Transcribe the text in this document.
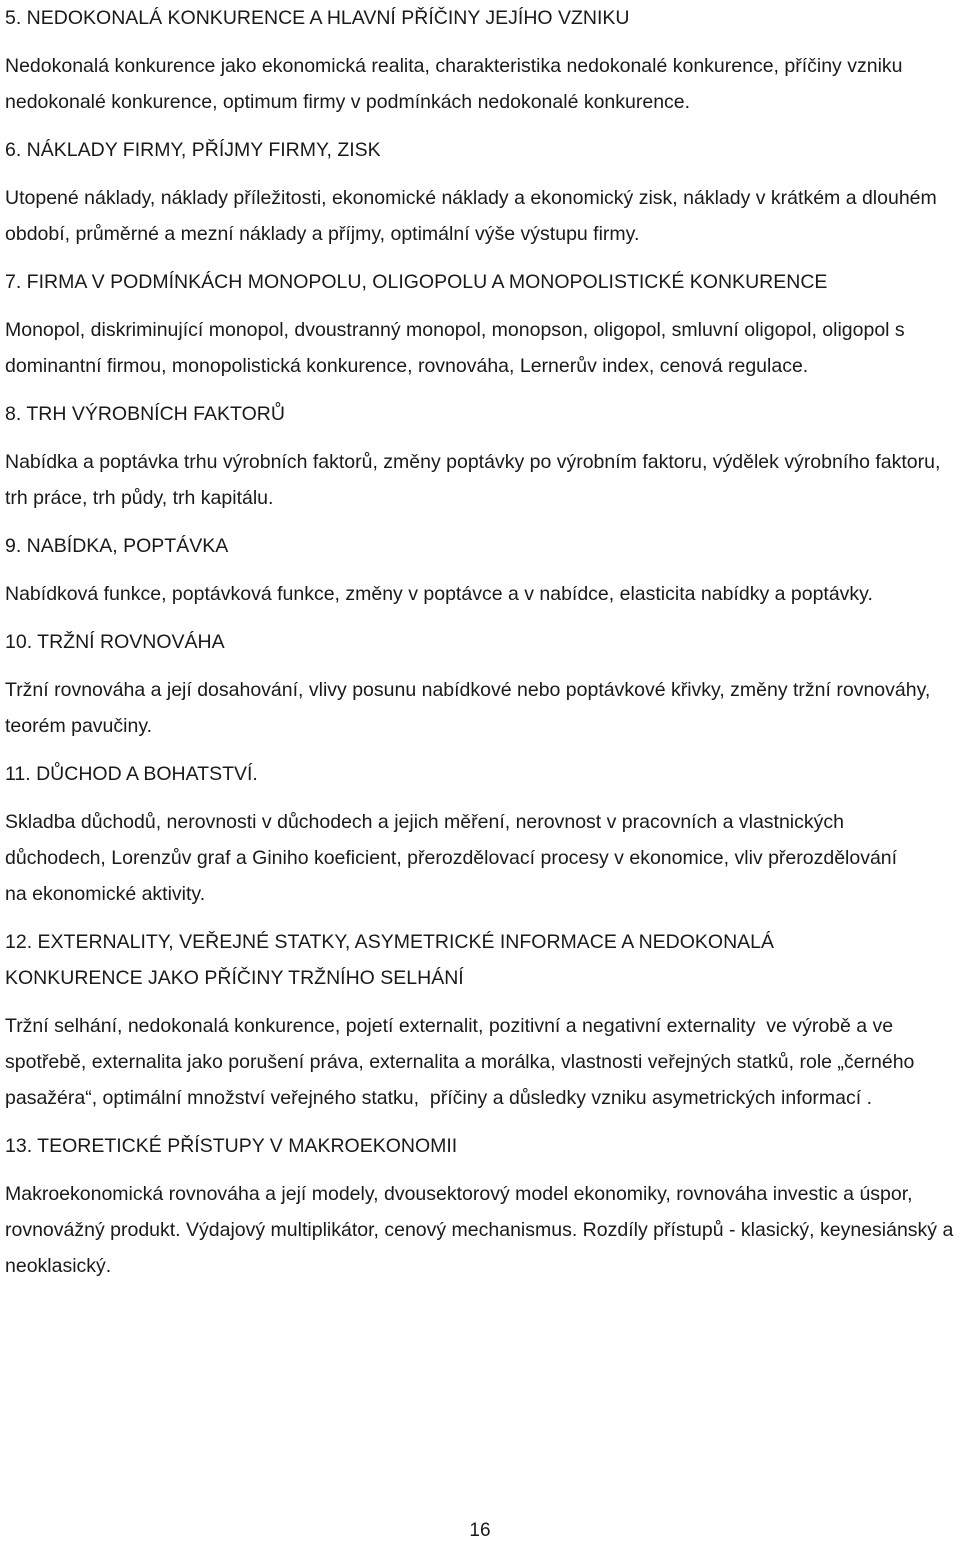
5. NEDOKONALÁ KONKURENCE A HLAVNÍ PŘÍČINY JEJÍHO VZNIKU

Nedokonalá konkurence jako ekonomická realita, charakteristika nedokonalé konkurence, příčiny vzniku nedokonalé konkurence, optimum firmy v podmínkách nedokonalé konkurence.

6. NÁKLADY FIRMY, PŘÍJMY FIRMY, ZISK

Utopené náklady, náklady příležitosti, ekonomické náklady a ekonomický zisk, náklady v krátkém a dlouhém období, průměrné a mezní náklady a příjmy, optimální výše výstupu firmy.

7. FIRMA V PODMÍNKÁCH MONOPOLU, OLIGOPOLU A MONOPOLISTICKÉ KONKURENCE

Monopol, diskriminující monopol, dvoustranný monopol, monopson, oligopol, smluvní oligopol, oligopol s dominantní firmou, monopolistická konkurence, rovnováha, Lernerův index, cenová regulace.

8. TRH VÝROBNÍCH FAKTORŮ

Nabídka a poptávka trhu výrobních faktorů, změny poptávky po výrobním faktoru, výdělek výrobního faktoru, trh práce, trh půdy, trh kapitálu.

9. NABÍDKA, POPTÁVKA

Nabídková funkce, poptávková funkce, změny v poptávce a v nabídce, elasticita nabídky a poptávky.

10. TRŽNÍ ROVNOVÁHA

Tržní rovnováha a její dosahování, vlivy posunu nabídkové nebo poptávkové křivky, změny tržní rovnováhy, teorém pavučiny.

11. DŮCHOD A BOHATSTVÍ.

Skladba důchodů, nerovnosti v důchodech a jejich měření, nerovnost v pracovních a vlastnických důchodech, Lorenzův graf a Giniho koeficient, přerozdělovací procesy v ekonomice, vliv přerozdělování na ekonomické aktivity.

12. EXTERNALITY, VEŘEJNÉ STATKY, ASYMETRICKÉ INFORMACE A NEDOKONALÁ KONKURENCE JAKO PŘÍČINY TRŽNÍHO SELHÁNÍ

Tržní selhání, nedokonalá konkurence, pojetí externalit, pozitivní a negativní externality  ve výrobě a ve spotřebě, externalita jako porušení práva, externalita a morálka, vlastnosti veřejných statků, role „černého pasažéra“, optimální množství veřejného statku,  příčiny a důsledky vzniku asymetrických informací .

13. TEORETICKÉ PŘÍSTUPY V MAKROEKONOMII

Makroekonomická rovnováha a její modely, dvousektorový model ekonomiky, rovnováha investic a úspor, rovnovážný produkt. Výdajový multiplikátor, cenový mechanismus. Rozdíly přístupů - klasický, keynesiánský a neoklasický.

16
